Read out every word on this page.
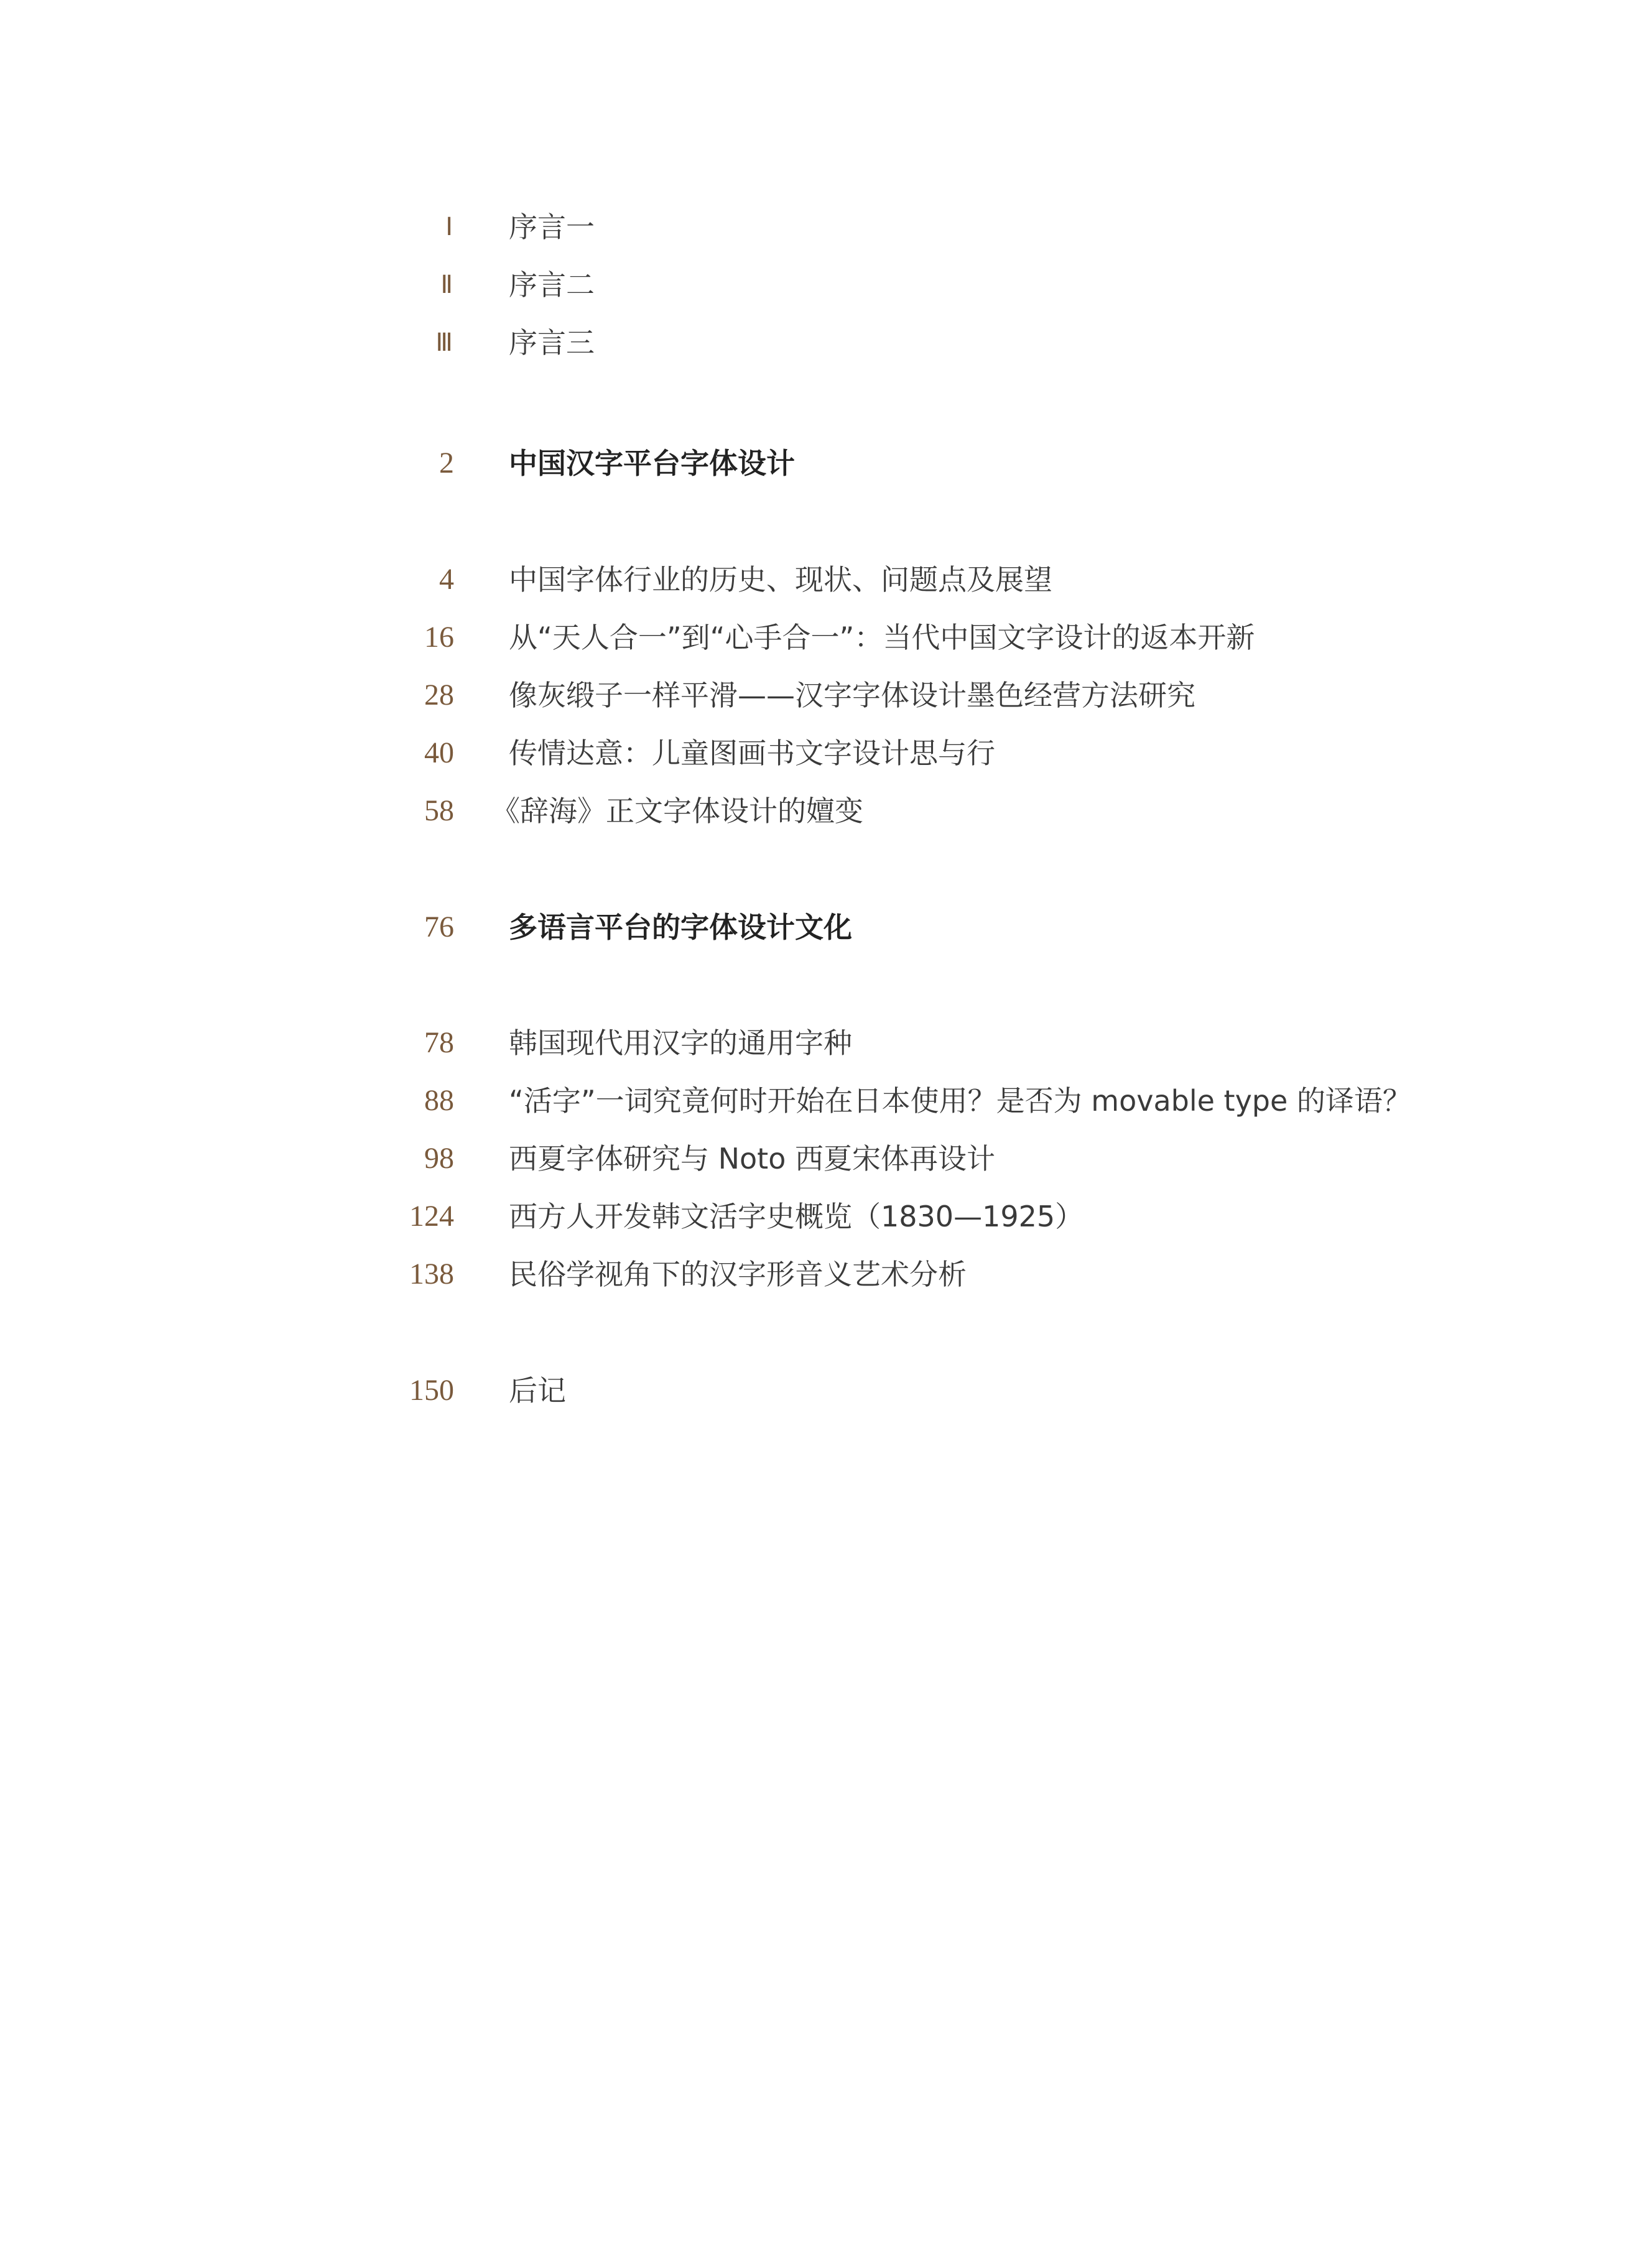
Ⅰ 序言一
Ⅱ 序言二
Ⅲ 序言三
2 中国汉字平台字体设计
4 中国字体行业的历史、现状、问题点及展望
16 从“天人合一”到“心手合一”：当代中国文字设计的返本开新
28 像灰缎子一样平滑——汉字字体设计墨色经营方法研究
40 传情达意：儿童图画书文字设计思与行
58 《辞海》正文字体设计的嬗变
76 多语言平台的字体设计文化
78 韩国现代用汉字的通用字种
88 “活字”一词究竟何时开始在日本使用？是否为 movable type 的译语？
98 西夏字体研究与 Noto 西夏宋体再设计
124 西方人开发韩文活字史概览（1830—1925）
138 民俗学视角下的汉字形音义艺术分析
150 后记
